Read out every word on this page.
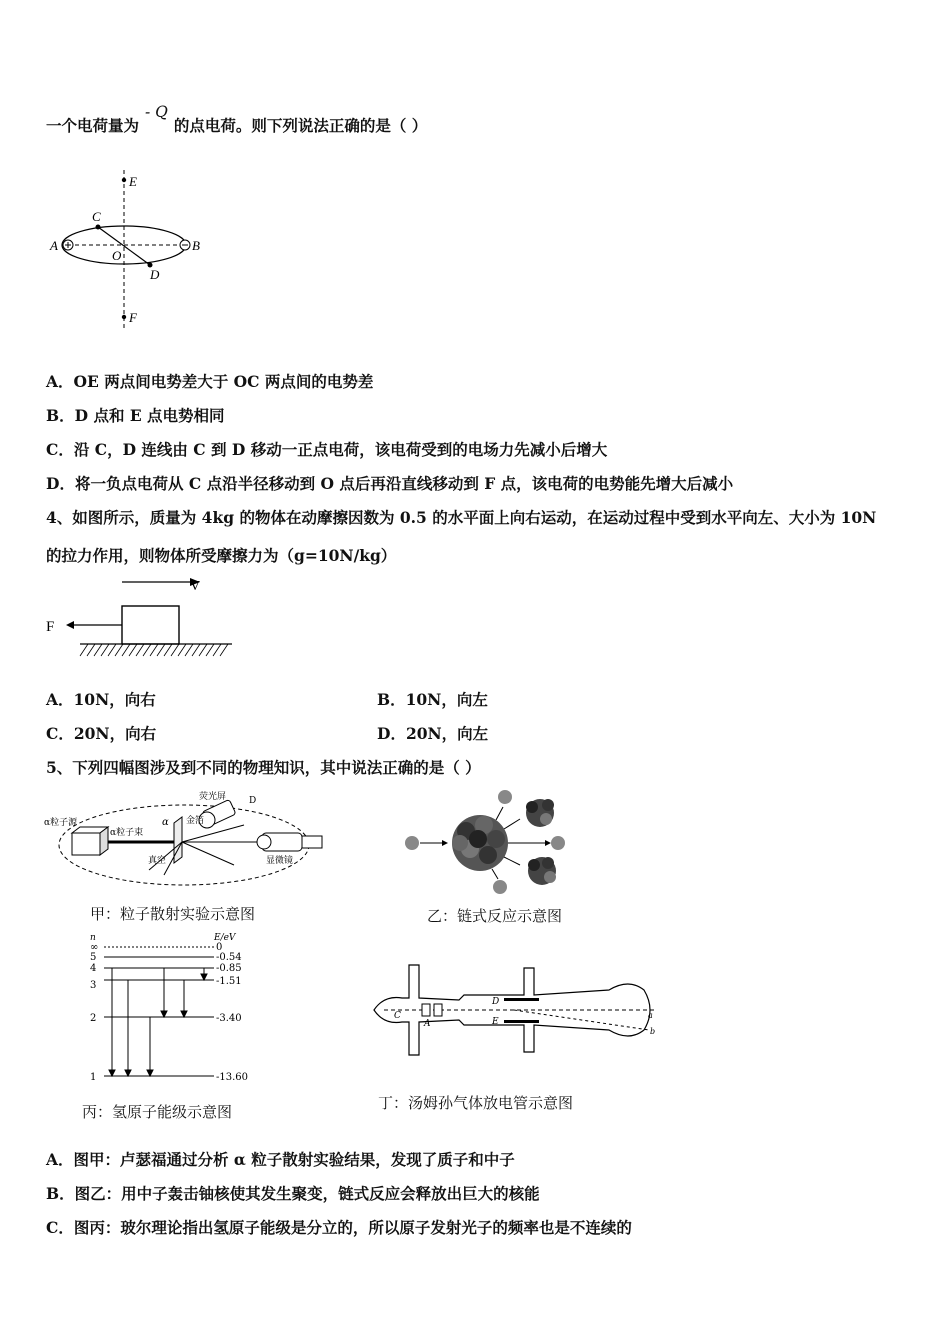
一个电荷量为- Q的点电荷。则下列说法正确的是（ ）
E
C
A
O
B
D
F
A．OE 两点间电势差大于 OC 两点间的电势差
B．D 点和 E 点电势相同
C．沿 C，D 连线由 C 到 D 移动一正点电荷，该电荷受到的电场力先减小后增大
D．将一负点电荷从 C 点沿半径移动到 O 点后再沿直线移动到 F 点，该电荷的电势能先增大后减小
4、如图所示，质量为 4kg 的物体在动摩擦因数为 0.5 的水平面上向右运动，在运动过程中受到水平向左、大小为 10N
的拉力作用，则物体所受摩擦力为（g=10N/kg）
V
F
A．10N，向右	B．10N，向左
C．20N，向右	D．20N，向左
5、下列四幅图涉及到不同的物理知识，其中说法正确的是（ ）
α粒子源
α粒子束
荧光屏
金箔
真空	显微镜
α
D
甲：粒子散射实验示意图	乙：链式反应示意图
n	E/eV
∞
5
4
3
2
1
0
-0.54
-0.85
-1.51
-3.40
-13.60
丙：氢原子能级示意图
C
A
D
E
a
b
丁：汤姆孙气体放电管示意图
A．图甲：卢瑟福通过分析 α 粒子散射实验结果，发现了质子和中子
B．图乙：用中子轰击铀核使其发生聚变，链式反应会释放出巨大的核能
C．图丙：玻尔理论指出氢原子能级是分立的，所以原子发射光子的频率也是不连续的
